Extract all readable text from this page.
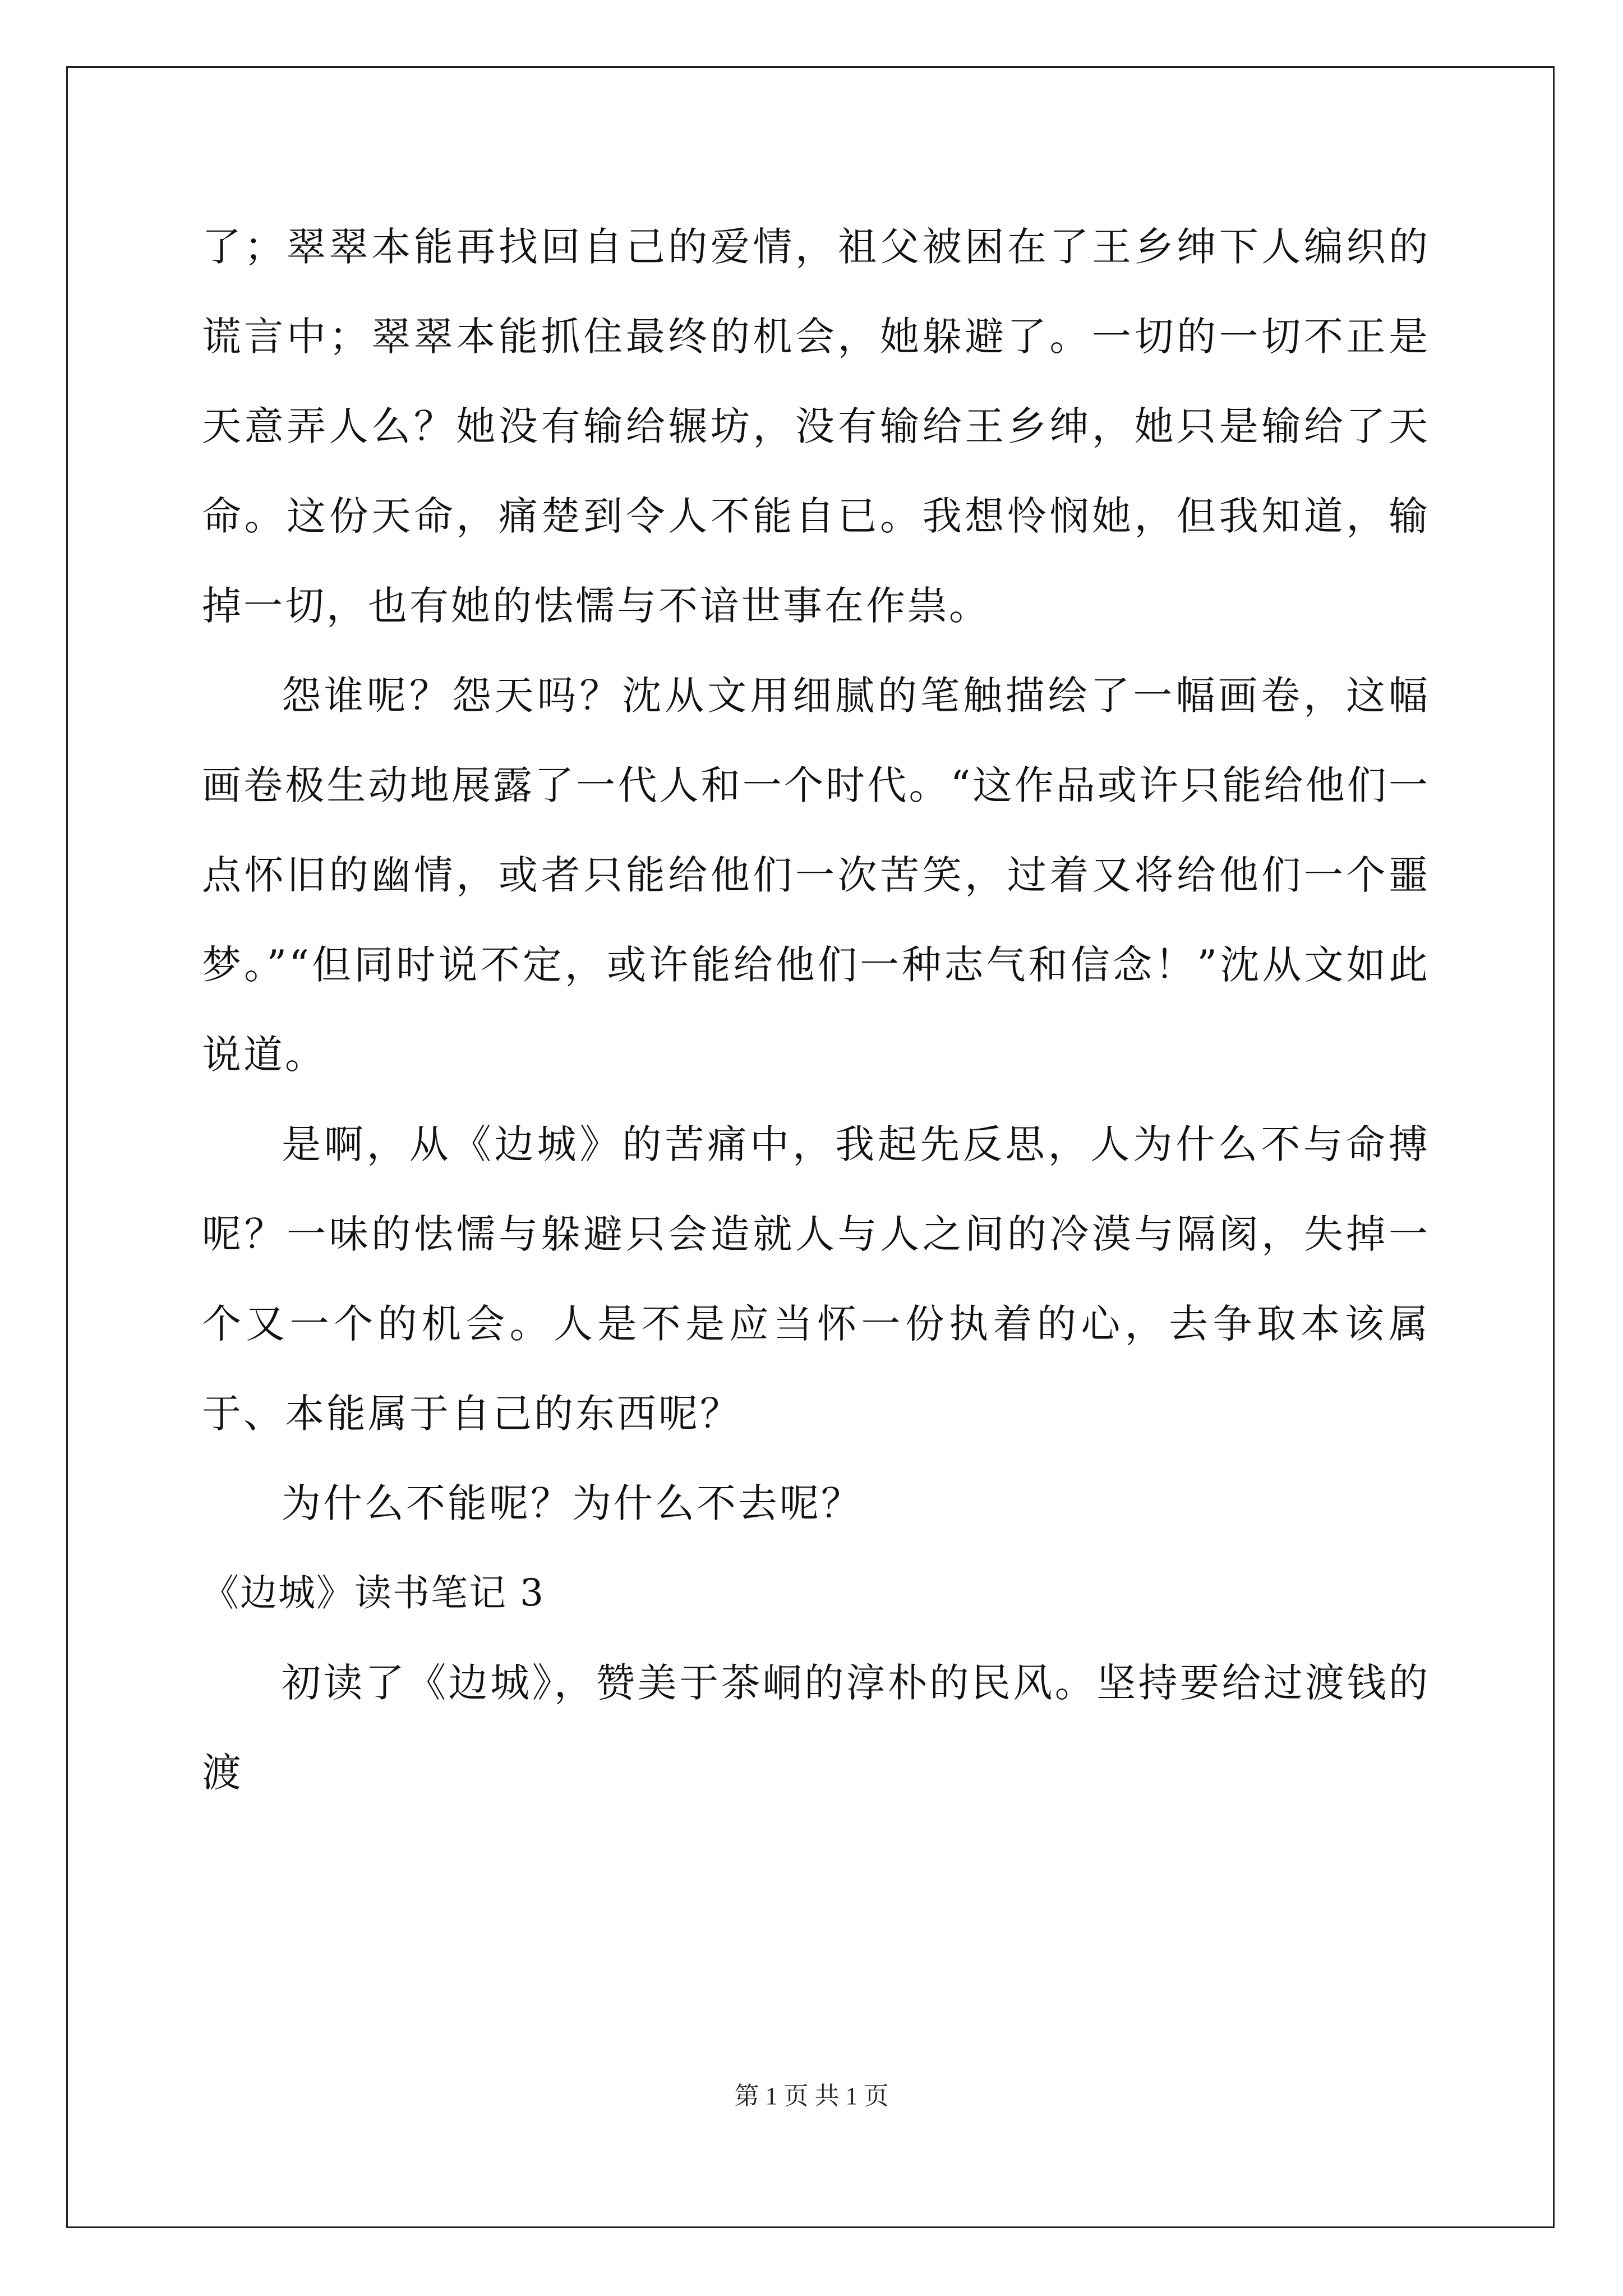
了；翠翠本能再找回自己的爱情，祖父被困在了王乡绅下人编织的谎言中；翠翠本能抓住最终的机会，她躲避了。一切的一切不正是天意弄人么？她没有输给辗坊，没有输给王乡绅，她只是输给了天命。这份天命，痛楚到令人不能自已。我想怜悯她，但我知道，输掉一切，也有她的怯懦与不谙世事在作祟。

怨谁呢？怨天吗？沈从文用细腻的笔触描绘了一幅画卷，这幅画卷极生动地展露了一代人和一个时代。“这作品或许只能给他们一点怀旧的幽情，或者只能给他们一次苦笑，过着又将给他们一个噩梦。”“但同时说不定，或许能给他们一种志气和信念！”沈从文如此说道。

是啊，从《边城》的苦痛中，我起先反思，人为什么不与命搏呢？一味的怯懦与躲避只会造就人与人之间的冷漠与隔阂，失掉一个又一个的机会。人是不是应当怀一份执着的心，去争取本该属于、本能属于自己的东西呢？

为什么不能呢？为什么不去呢？

《边城》读书笔记 3

初读了《边城》，赞美于茶峒的淳朴的民风。坚持要给过渡钱的渡

第 1 页 共 1 页
